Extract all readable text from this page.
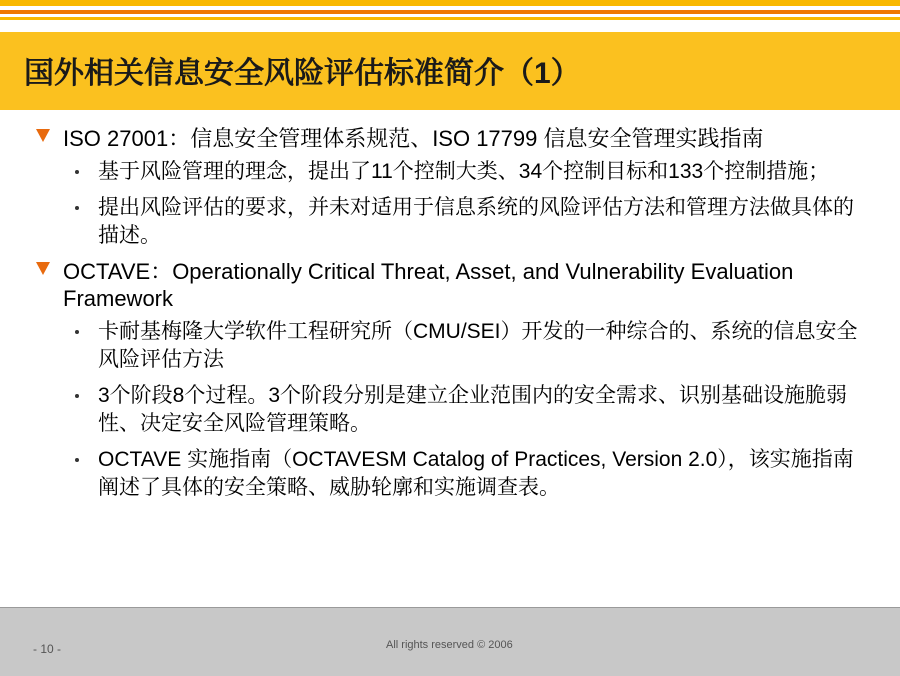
国外相关信息安全风险评估标准简介（1）
ISO 27001：信息安全管理体系规范、ISO 17799 信息安全管理实践指南
基于风险管理的理念，提出了11个控制大类、34个控制目标和133个控制措施；
提出风险评估的要求，并未对适用于信息系统的风险评估方法和管理方法做具体的描述。
OCTAVE：Operationally Critical Threat, Asset, and Vulnerability Evaluation Framework
卡耐基梅隆大学软件工程研究所（CMU/SEI）开发的一种综合的、系统的信息安全风险评估方法
3个阶段8个过程。3个阶段分别是建立企业范围内的安全需求、识别基础设施脆弱性、决定安全风险管理策略。
OCTAVE 实施指南（OCTAVESM Catalog of Practices, Version 2.0），该实施指南阐述了具体的安全策略、威胁轮廓和实施调查表。
- 10 -	All rights reserved © 2006
